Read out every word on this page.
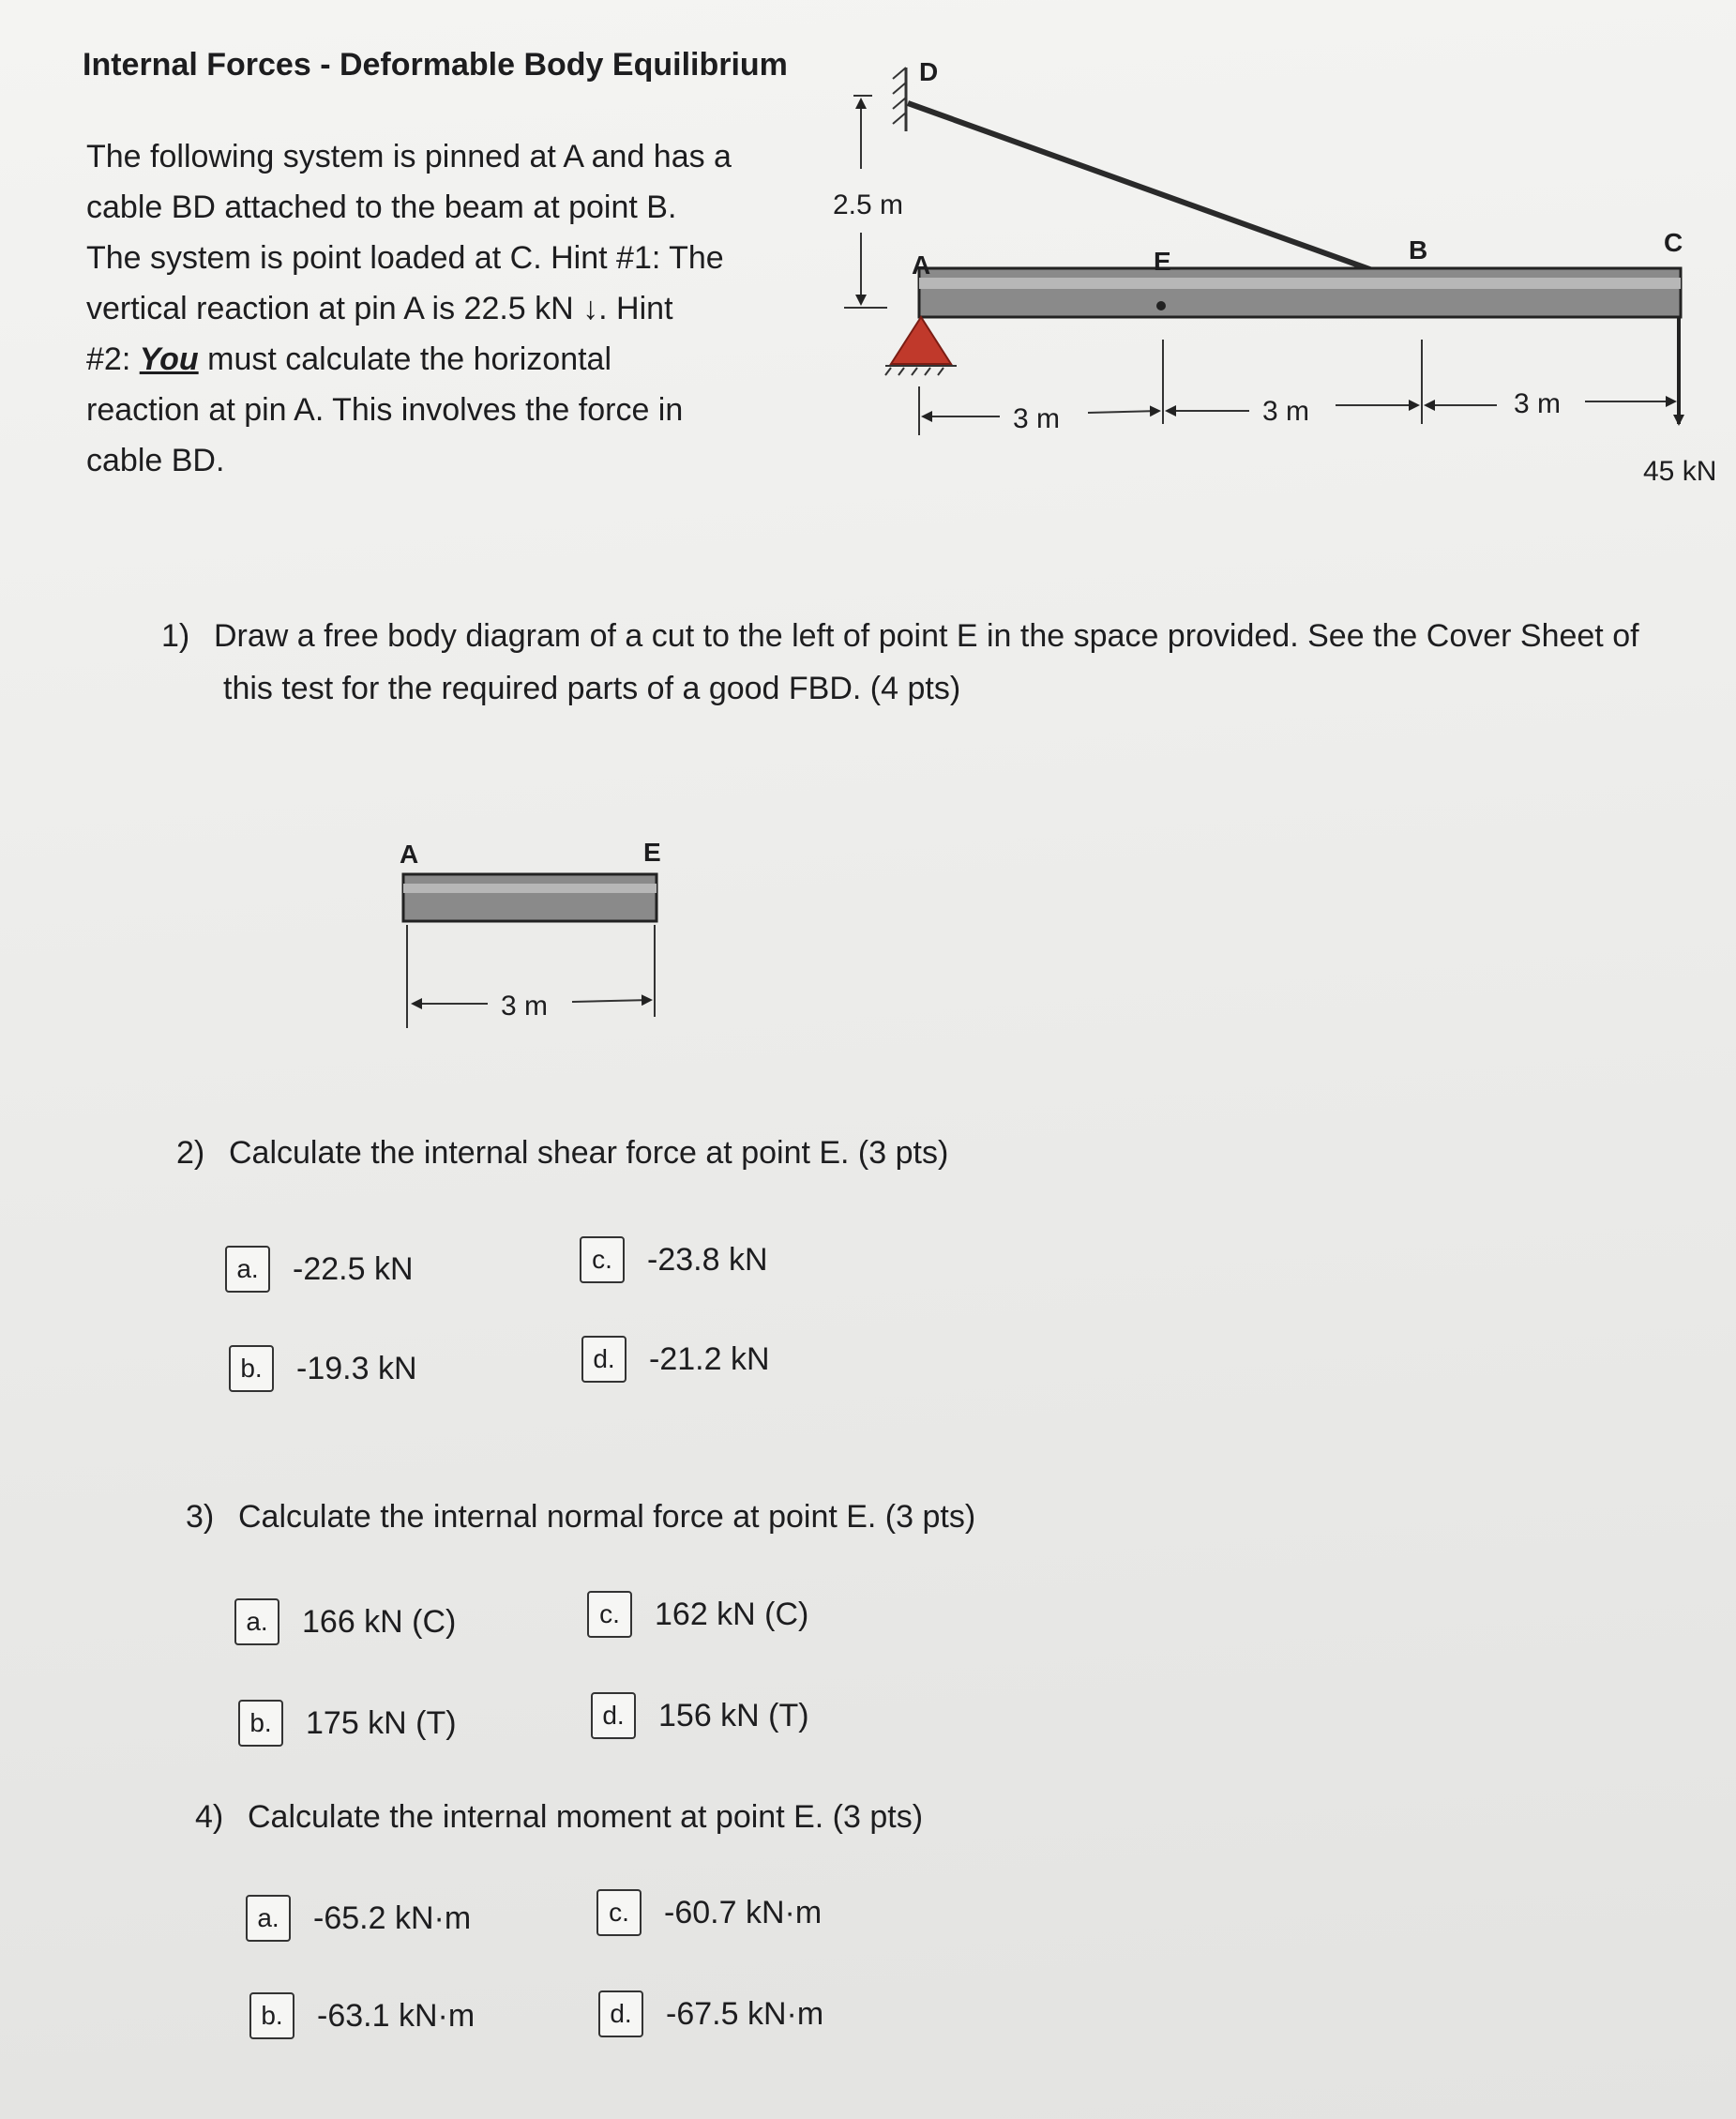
Internal Forces - Deformable Body Equilibrium

The following system is pinned at A and has a

cable BD attached to the beam at point B.

The system is point loaded at C. Hint #1: The

vertical reaction at pin A is 22.5 kN ↓. Hint

#2: You must calculate the horizontal

reaction at pin A. This involves the force in

cable BD.

D
2.5 m
A	E	B	C
45 kN
3 m	3 m	3 m
A	E
3 m
1) Draw a free body diagram of a cut to the left of point E in the space provided. See the Cover Sheet of
this test for the required parts of a good FBD. (4 pts)
2) Calculate the internal shear force at point E. (3 pts)
a.	-22.5 kN
b.	-19.3 kN
c.	-23.8 kN
d.	-21.2 kN
3) Calculate the internal normal force at point E. (3 pts)
a.	166 kN (C)
b.	175 kN (T)
c.	162 kN (C)
d.	156 kN (T)
4) Calculate the internal moment at point E. (3 pts)
a.	-65.2 kN·m
b.	-63.1 kN·m
c.	-60.7 kN·m
d.	-67.5 kN·m
